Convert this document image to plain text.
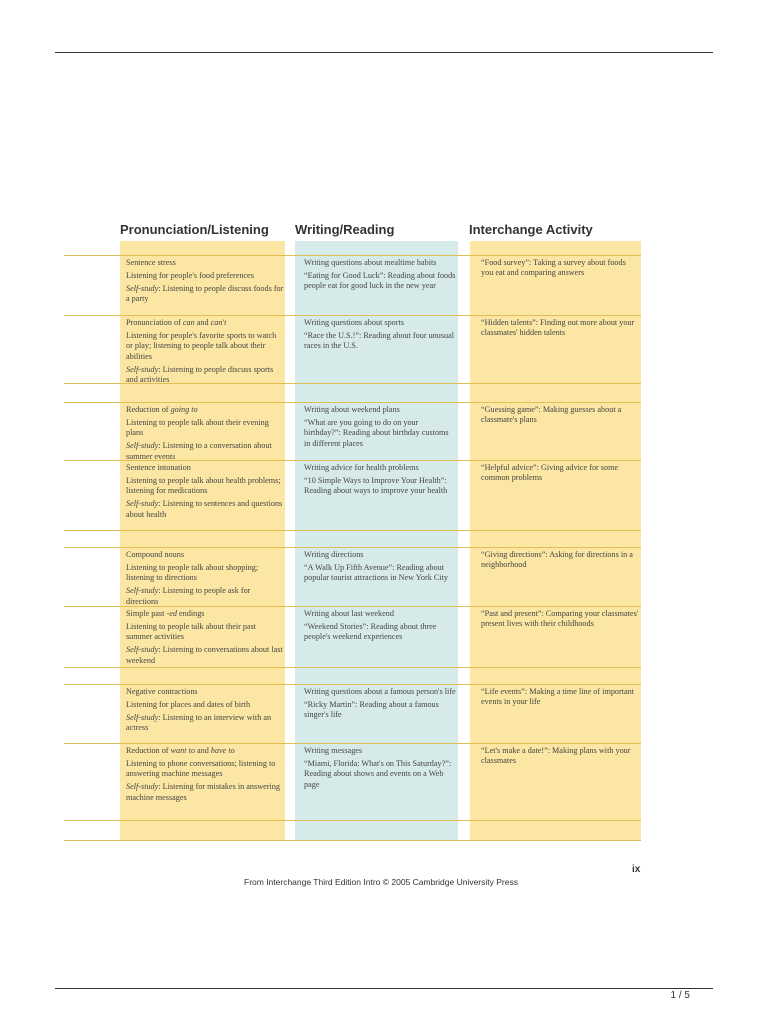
Pronunciation/Listening Writing/Reading	Interchange Activity
Sentence stress
Listening for people's food preferences
Self-study: Listening to people discuss foods for a party
Writing questions about mealtime habits
“Eating for Good Luck”: Reading about foods people eat for good luck in the new year
“Food survey”: Taking a survey about foods you eat and comparing answers
Pronunciation of can and can't
Listening for people's favorite sports to watch or play; listening to people talk about their abilities
Self-study: Listening to people discuss sports and activities
Writing questions about sports
“Race the U.S.!”: Reading about four unusual races in the U.S.
“Hidden talents”: Finding out more about your classmates' hidden talents
Reduction of going to
Listening to people talk about their evening plans
Self-study: Listening to a conversation about summer events
Writing about weekend plans
“What are you going to do on your birthday?”: Reading about birthday customs in different places
“Guessing game”: Making guesses about a classmate's plans
Sentence intonation
Listening to people talk about health problems; listening for medications
Self-study: Listening to sentences and questions about health
Writing advice for health problems
“10 Simple Ways to Improve Your Health”: Reading about ways to improve your health
“Helpful advice”: Giving advice for some common problems
Compound nouns
Listening to people talk about shopping; listening to directions
Self-study: Listening to people ask for directions
Writing directions
“A Walk Up Fifth Avenue”: Reading about popular tourist attractions in New York City
“Giving directions”: Asking for directions in a neighborhood
Simple past -ed endings
Listening to people talk about their past summer activities
Self-study: Listening to conversations about last weekend
Writing about last weekend
“Weekend Stories”: Reading about three people's weekend experiences
“Past and present”: Comparing your classmates' present lives with their childhoods
Negative contractions
Listening for places and dates of birth
Self-study: Listening to an interview with an actress
Writing questions about a famous person's life
“Ricky Martin”: Reading about a famous singer's life
“Life events”: Making a time line of important events in your life
Reduction of want to and have to
Listening to phone conversations; listening to answering machine messages
Self-study: Listening for mistakes in answering machine messages
Writing messages
“Miami, Florida: What's on This Saturday?”: Reading about shows and events on a Web page
“Let's make a date!”: Making plans with your classmates
ix
From Interchange Third Edition Intro © 2005 Cambridge University Press
1 / 5
